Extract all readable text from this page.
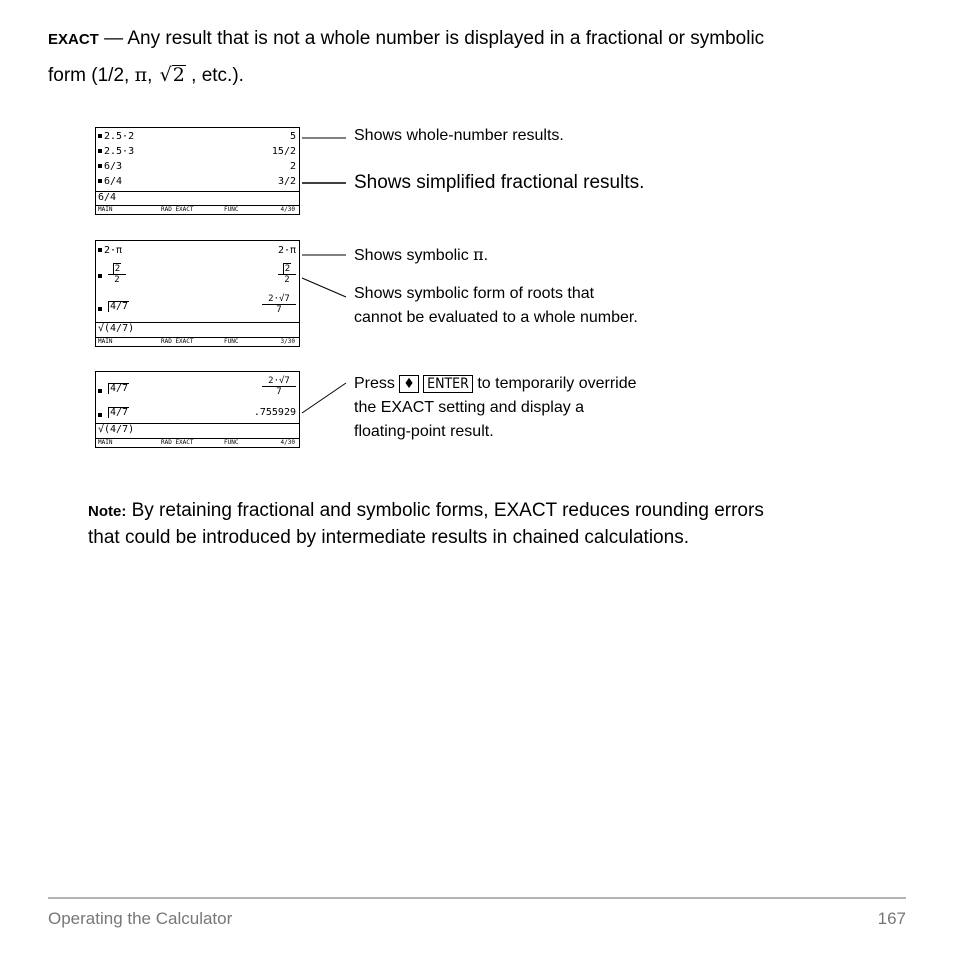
EXACT — Any result that is not a whole number is displayed in a fractional or symbolic
form (1/2, π, √2 , etc.).
2.5·2	5
2.5·3	15/2
6/3	2
6/4	3/2
6/4
MAIN	RAD EXACT	FUNC	4/30
2·π	2·π
$\frac{2}{2}$	$\frac{2}{2}$
4/7	$\frac{2\cdot√7}{7}$
√(4/7)
MAIN	RAD EXACT	FUNC	3/30
4/7	$\frac{2\cdot√7}{7}$
4/7	.755929
√(4/7)
MAIN	RAD EXACT	FUNC	4/30
Shows whole-number results.
Shows simplified fractional results.
Shows symbolic π.
Shows symbolic form of roots that
cannot be evaluated to a whole number.
Press ♦ ENTER to temporarily override
the EXACT setting and display a
floating-point result.
Note: By retaining fractional and symbolic forms, EXACT reduces rounding errors
that could be introduced by intermediate results in chained calculations.
Operating the Calculator	167
